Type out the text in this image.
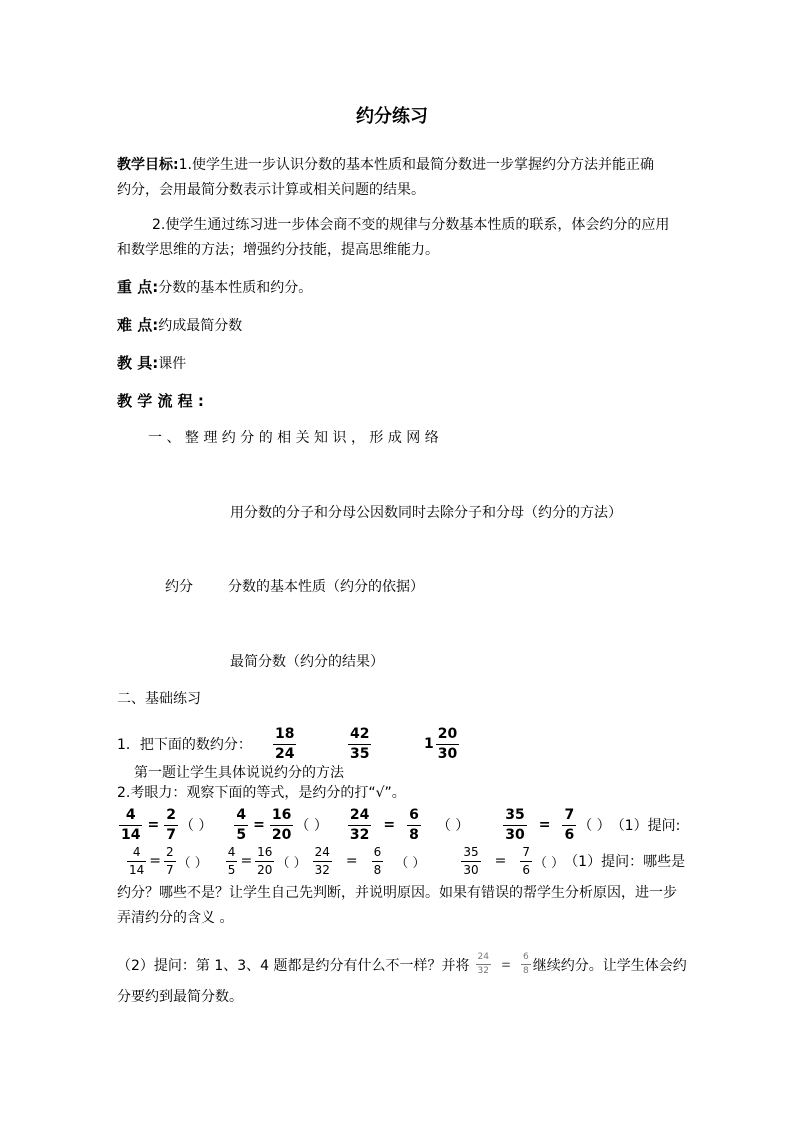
约分练习
教学目标:1.使学生进一步认识分数的基本性质和最简分数进一步掌握约分方法并能正确
约分，会用最简分数表示计算或相关问题的结果。
2.使学生通过练习进一步体会商不变的规律与分数基本性质的联系，体会约分的应用
和数学思维的方法；增强约分技能，提高思维能力。
重 点:分数的基本性质和约分。
难 点:约成最简分数
教 具:课件
教 学 流 程 :
一 、 整 理 约 分 的 相 关 知 识 ， 形 成 网 络
用分数的分子和分母公因数同时去除分子和分母（约分的方法）
约分	分数的基本性质（约分的依据）
最简分数（约分的结果）
二、基础练习
1．把下面的数约分： $\frac{18}{24}$	$\frac{42}{35}$	$1 \frac{20}{30}$
第一题让学生具体说说约分的方法
2.考眼力：观察下面的等式，是约分的打“√”。
$\frac{4}{14} = \frac{2}{7}$ （ ） $\frac{4}{5} = \frac{16}{20}$ （ ） $\frac{24}{32} = \frac{6}{8}$ （ ） $\frac{35}{30} = \frac{7}{6}$ （ ） （1）提问:
$\frac{4}{14} = \frac{2}{7}$ （ ） $\frac{4}{5} = \frac{16}{20}$ （ ） $\frac{24}{32} = \frac{6}{8}$ （ ）	$\frac{35}{30} = \frac{7}{6}$ （ ） （1）提问：哪些是
约分？哪些不是？让学生自己先判断，并说明原因。如果有错误的帮学生分析原因，进一步
弄清约分的含义 。
（2）提问：第 1、3、4 题都是约分有什么不一样？并将 $\frac{24}{32} = \frac{6}{8}$ 继续约分。让学生体会约
分要约到最简分数。
